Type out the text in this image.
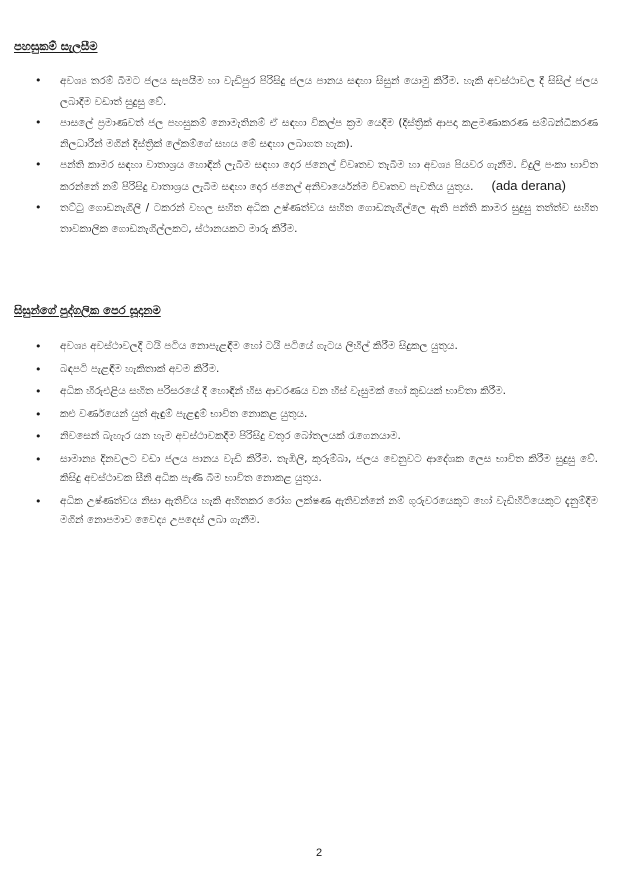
පහසුකම් සැලසීම
•	අවශ්‍ය තරම් බීමට ජලය සැපයීම හා වැඩිපුර පිරිසිදු ජලය පානය සඳහා සිසුන් යොමු කිරීම. හැකි අවස්ථාවල දී සිසිල් ජලය ලබාදීම වඩාත් සුදුසු වේ.
•	පාසලේ ප්‍රමාණවත් ජල පහසුකම් නොමැතිනම් ඒ සඳහා විකල්ප ක්‍රම යෙදීම (දිස්ත්‍රික් ආපදා කළමණාකරණ සම්බන්ධීකරණ නිලධාරීන් මගින් දිස්ත්‍රික් ලේකම්ගේ සහය මේ සඳහා ලබාගත හැක).
•	පන්ති කාමර සඳහා වාතාශ්‍රය හොඳින් ලැබීම සඳහා දොර ජනෙල් විවෘතව තැබීම හා අවශ්‍ය පියවර ගැනීම. විදුලි පංකා භාවිත කරන්නේ නම් පිරිසිදු වාතාශ්‍රය ලැබීම සඳහා දොර ජනෙල් අනිවාර්යෙන්ම විවෘතව පැවතිය යුතුය. (ada derana)
•	තට්ටු ගොඩනැගිලි / ටකරන් වහල සහිත අධික උෂ්ණත්වය සහිත ගොඩනැගිල්ලෙ ඇති පන්ති කාමර සුදුසු තත්ත්ව සහිත තාවකාලික ගොඩනැගිල්ලකට, ස්ථානයකට මාරු කිරීම.
සිසුන්ගේ පුද්ගලික පෙර සූදානම
•	අවශ්‍ය අවස්ථාවලදී ටයි පටිය නොපැළඳීම හෝ ටයි පටියේ ගැටය ලිහිල් කිරීම සිදුකල යුතුය.
•	බඳපටි පැළඳීම හැකිතාක් අවම කිරීම.
•	අධික හිරුඑළිය සහිත පරිසරයේ දී හොඳින් හිස ආවරණය වන හිස් වැසුමක් හෝ කුඩයක් භාවිතා කිරීම.
•	කළු වර්ණයෙන් යුත් ඇඳුම් පැළඳුම් භාවිත නොකළ යුතුය.
•	නිවසෙන් බැහැර යන හැම අවස්ථාවකදීම පිරිසිදු වතුර බෝතලයක් රැගෙනයාම.
•	සාමාන්‍ය දිනවලට වඩා ජලය පානය වැඩි කිරීම. තැඹිලි, කුරුම්බා, ජලය වෙනුවට ආදේශක ලෙස භාවිත කිරීම සුදුසු වේ. කිසිදු අවස්ථාවක සීනි අධික පැණි බීම භාවිත නොකළ යුතුය.
•	අධික උෂ්ණත්වය නිසා ඇතිවිය හැකි අහිතකර රෝග ලක්ෂණ ඇතිවන්නේ නම් ගුරුවරයෙකුට හෝ වැඩිහිටියෙකුට දැනුම්දීම මගින් නොපමාව වෛද්‍ය උපදෙස් ලබා ගැනීම.
2
